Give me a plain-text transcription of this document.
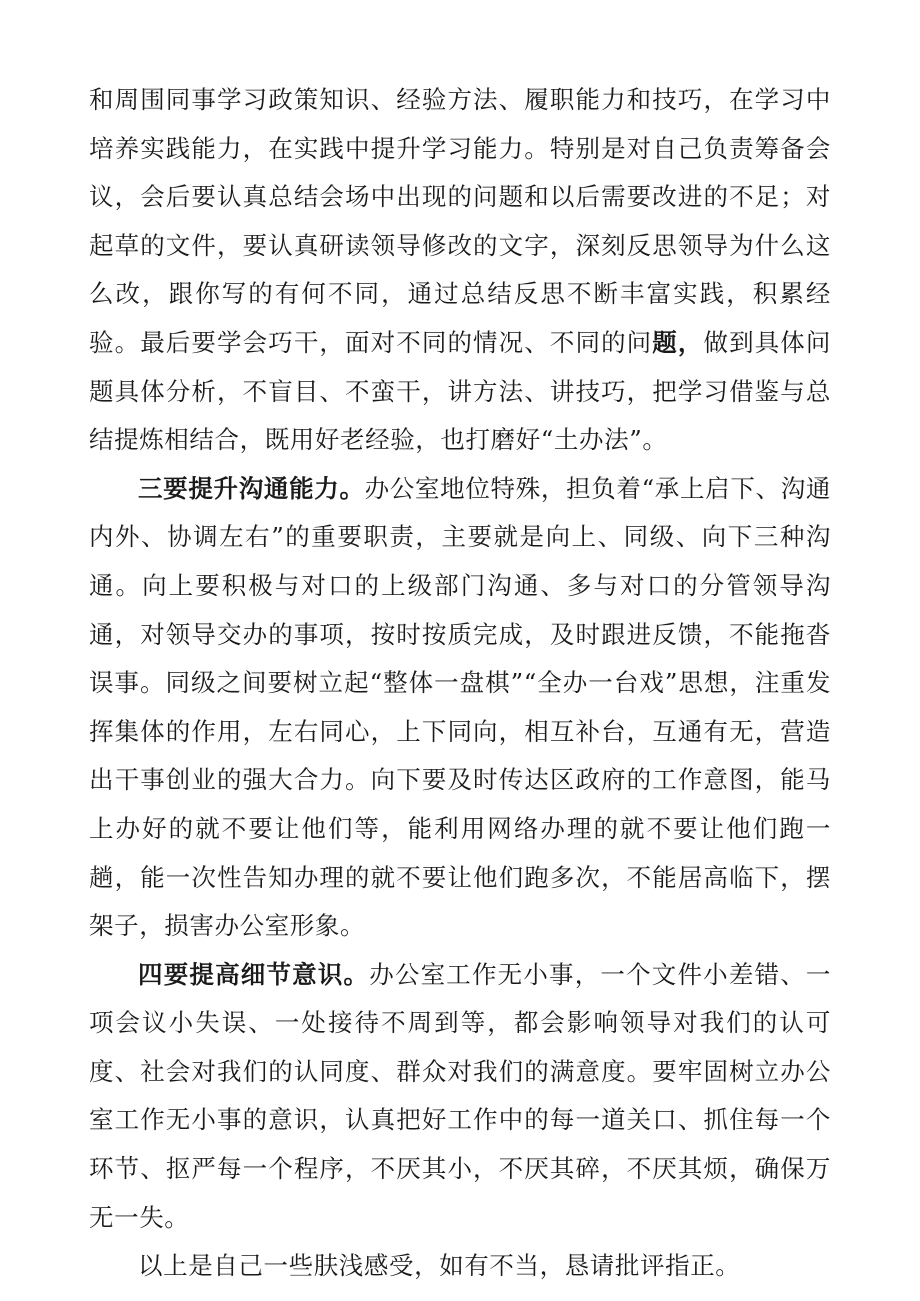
和周围同事学习政策知识、经验方法、履职能力和技巧，在学习中培养实践能力，在实践中提升学习能力。特别是对自己负责筹备会议，会后要认真总结会场中出现的问题和以后需要改进的不足；对起草的文件，要认真研读领导修改的文字，深刻反思领导为什么这么改，跟你写的有何不同，通过总结反思不断丰富实践，积累经验。最后要学会巧干，面对不同的情况、不同的问题，做到具体问题具体分析，不盲目、不蛮干，讲方法、讲技巧，把学习借鉴与总结提炼相结合，既用好老经验，也打磨好“土办法”。

三要提升沟通能力。办公室地位特殊，担负着“承上启下、沟通内外、协调左右”的重要职责，主要就是向上、同级、向下三种沟通。向上要积极与对口的上级部门沟通、多与对口的分管领导沟通，对领导交办的事项，按时按质完成，及时跟进反馈，不能拖沓误事。同级之间要树立起“整体一盘棋”“全办一台戏”思想，注重发挥集体的作用，左右同心，上下同向，相互补台，互通有无，营造出干事创业的强大合力。向下要及时传达区政府的工作意图，能马上办好的就不要让他们等，能利用网络办理的就不要让他们跑一趟，能一次性告知办理的就不要让他们跑多次，不能居高临下，摆架子，损害办公室形象。

四要提高细节意识。办公室工作无小事，一个文件小差错、一项会议小失误、一处接待不周到等，都会影响领导对我们的认可度、社会对我们的认同度、群众对我们的满意度。要牢固树立办公室工作无小事的意识，认真把好工作中的每一道关口、抓住每一个环节、抠严每一个程序，不厌其小，不厌其碎，不厌其烦，确保万无一失。

以上是自己一些肤浅感受，如有不当，恳请批评指正。
